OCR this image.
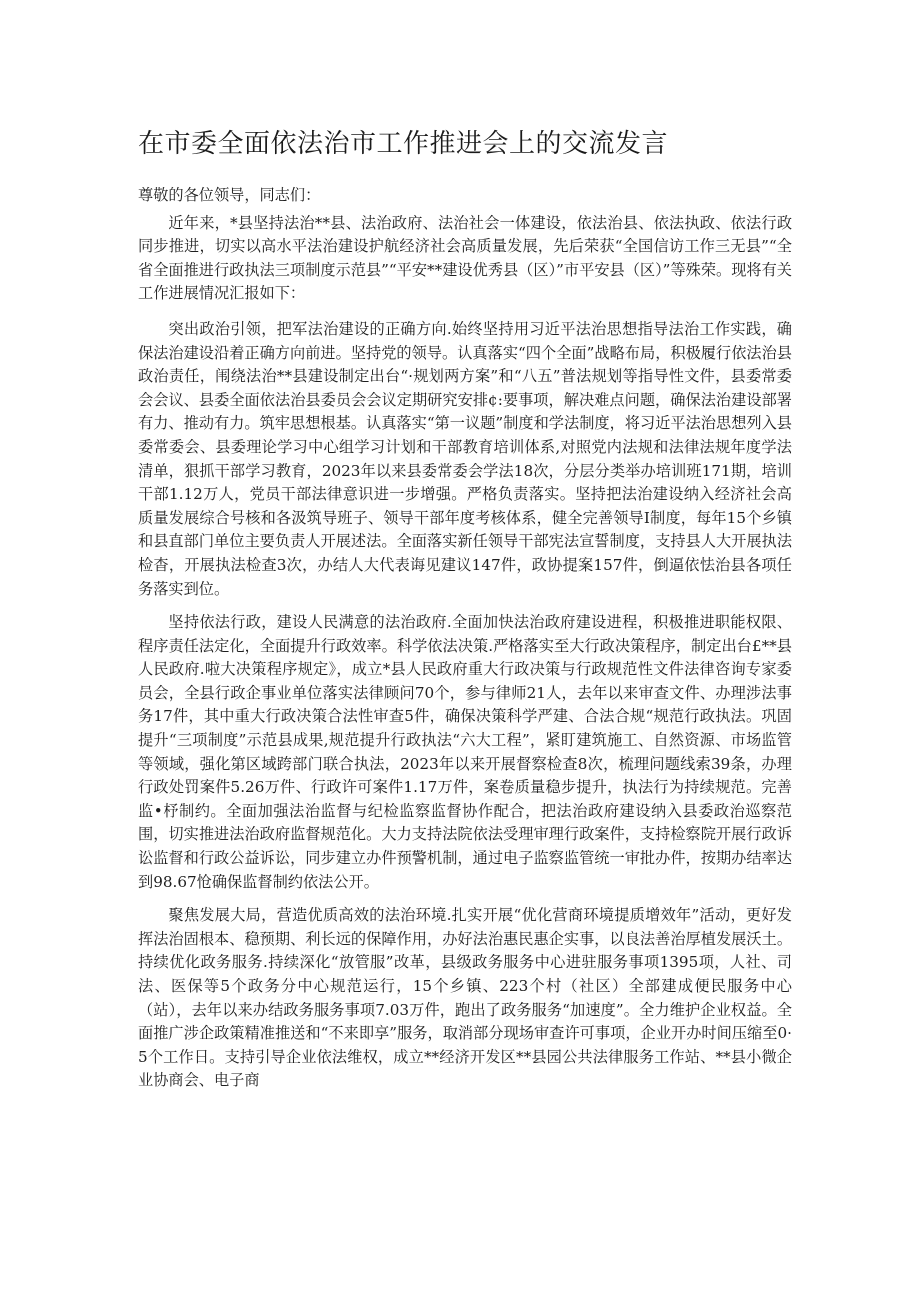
在市委全面依法治市工作推进会上的交流发言

尊敬的各位领导，同志们：

近年来，*县坚持法治**县、法治政府、法治社会一体建设，依法治县、依法执政、依法行政同步推进，切实以高水平法治建设护航经济社会高质量发展，先后荣获“全国信访工作三无县”“全省全面推进行政执法三项制度示范县”“平安**建设优秀县（区）”市平安县（区）”等殊荣。现将有关工作进展情况汇报如下：

突出政治引领，把军法治建设的正确方向.始终坚持用习近平法治思想指导法治工作实践，确保法治建设沿着正确方向前进。坚持党的领导。认真落实“四个全面”战略布局，积极履行依法治县政治责任，闱绕法治**县建设制定出台“·规划两方案”和“八五”普法规划等指导性文件，县委常委会会议、县委全面依法治县委员会会议定期研究安排¢:要事项，解决难点问题，确保法治建设部署有力、推动有力。筑牢思想根基。认真落实“第一议题”制度和学法制度，将习近平法治思想列入县委常委会、县委理论学习中心组学习计划和干部教育培训体系,对照党内法规和法律法规年度学法清单，狠抓干部学习教育，2023年以来县委常委会学法18次，分层分类举办培训班171期，培训干部1.12万人，党员干部法律意识进一步增强。严格负责落实。坚持把法治建设纳入经济社会高质量发展综合号核和各汲筑导班子、领导干部年度考核体系，健全完善领导Ⅰ制度，每年15个乡镇和县直部门单位主要负责人开展述法。全面落实新任领导干部宪法宣誓制度，支持县人大开展执法检杳，开展执法检查3次，办结人大代表诲见建议147件，政协提案157件，倒逼依怯治县各项任务落实到位。

坚持依法行政，建设人民满意的法治政府.全面加快法治政府建设进程，积极推进职能权限、程序责任法定化，全面提升行政效率。科学依法决策.严格落实至大行政决策程序，制定出台£**县人民政府.啦大决策程序规定》，成立*县人民政府重大行政决策与行政规范性文件法律咨询专家委员会，全县行政企事业单位落实法律顾问70个，参与律师21人，去年以来审查文件、办理涉法事务17件，其中重大行政决策合法性审查5件，确保决策科学严建、合法合规“规范行政执法。巩固提升“三项制度”示范县成果,规范提升行政执法“六大工程”，紧盯建筑施工、自然资源、市场监管等领域，强化第区域跨部门联合执法，2023年以来开展督察检查8次，梳理问题线索39条，办理行政处罚案件5.26万件、行政许可案件1.17万件，案卷质量稳步提升，执法行为持续规范。完善监•杼制约。全面加强法治监督与纪检监察监督协作配合，把法治政府建设纳入县委政治巡察范围，切实推进法治政府监督规范化。大力支持法院依法受理审理行政案件，支持检察院开展行政诉讼监督和行政公益诉讼，同步建立办件预警机制，通过电子监察监管统一审批办件，按期办结率达到98.67怆确保监督制约依法公开。

聚焦发展大局，营造优质高效的法治环境.扎实开展“优化营商环境提质增效年”活动，更好发挥法治固根本、稳预期、利长远的保障作用，办好法治惠民惠企实事，以良法善治厚植发展沃土。持续优化政务服务.持续深化“放管服”改革，县级政务服务中心进驻服务事项1395项，人社、司法、医保等5个政务分中心规范运行，15个乡镇、223个村（社区）全部建成便民服务中心（站），去年以来办结政务服务事项7.03万件，跑出了政务服务“加速度”。全力维护企业权益。全面推广涉企政策精准推送和“不来即享”服务，取消部分现场审查许可事项，企业开办时间压缩至0·5个工作日。支持引导企业依法维权，成立**经济开发区**县园公共法律服务工作站、**县小微企业协商会、电子商
